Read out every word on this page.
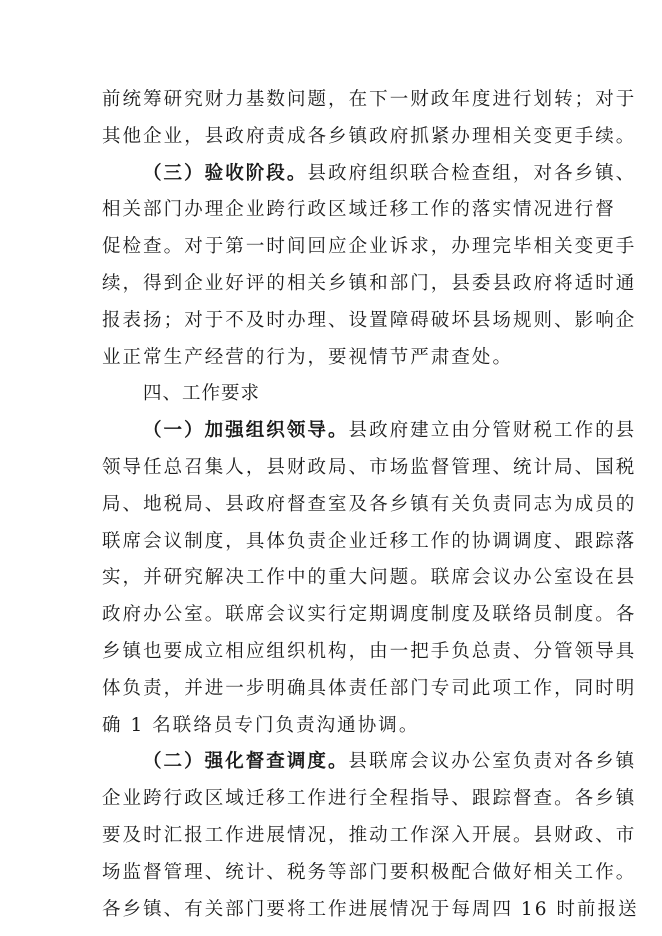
前统筹研究财力基数问题，在下一财政年度进行划转；对于
其他企业，县政府责成各乡镇政府抓紧办理相关变更手续。
（三）验收阶段。县政府组织联合检查组，对各乡镇、
相关部门办理企业跨行政区域迁移工作的落实情况进行督
促检查。对于第一时间回应企业诉求，办理完毕相关变更手
续，得到企业好评的相关乡镇和部门，县委县政府将适时通
报表扬；对于不及时办理、设置障碍破坏县场规则、影响企
业正常生产经营的行为，要视情节严肃查处。
四、工作要求
（一）加强组织领导。县政府建立由分管财税工作的县
领导任总召集人，县财政局、市场监督管理、统计局、国税
局、地税局、县政府督查室及各乡镇有关负责同志为成员的
联席会议制度，具体负责企业迁移工作的协调调度、跟踪落
实，并研究解决工作中的重大问题。联席会议办公室设在县
政府办公室。联席会议实行定期调度制度及联络员制度。各
乡镇也要成立相应组织机构，由一把手负总责、分管领导具
体负责，并进一步明确具体责任部门专司此项工作，同时明
确 1 名联络员专门负责沟通协调。
（二）强化督查调度。县联席会议办公室负责对各乡镇
企业跨行政区域迁移工作进行全程指导、跟踪督查。各乡镇
要及时汇报工作进展情况，推动工作深入开展。县财政、市
场监督管理、统计、税务等部门要积极配合做好相关工作。
各乡镇、有关部门要将工作进展情况于每周四 16 时前报送
